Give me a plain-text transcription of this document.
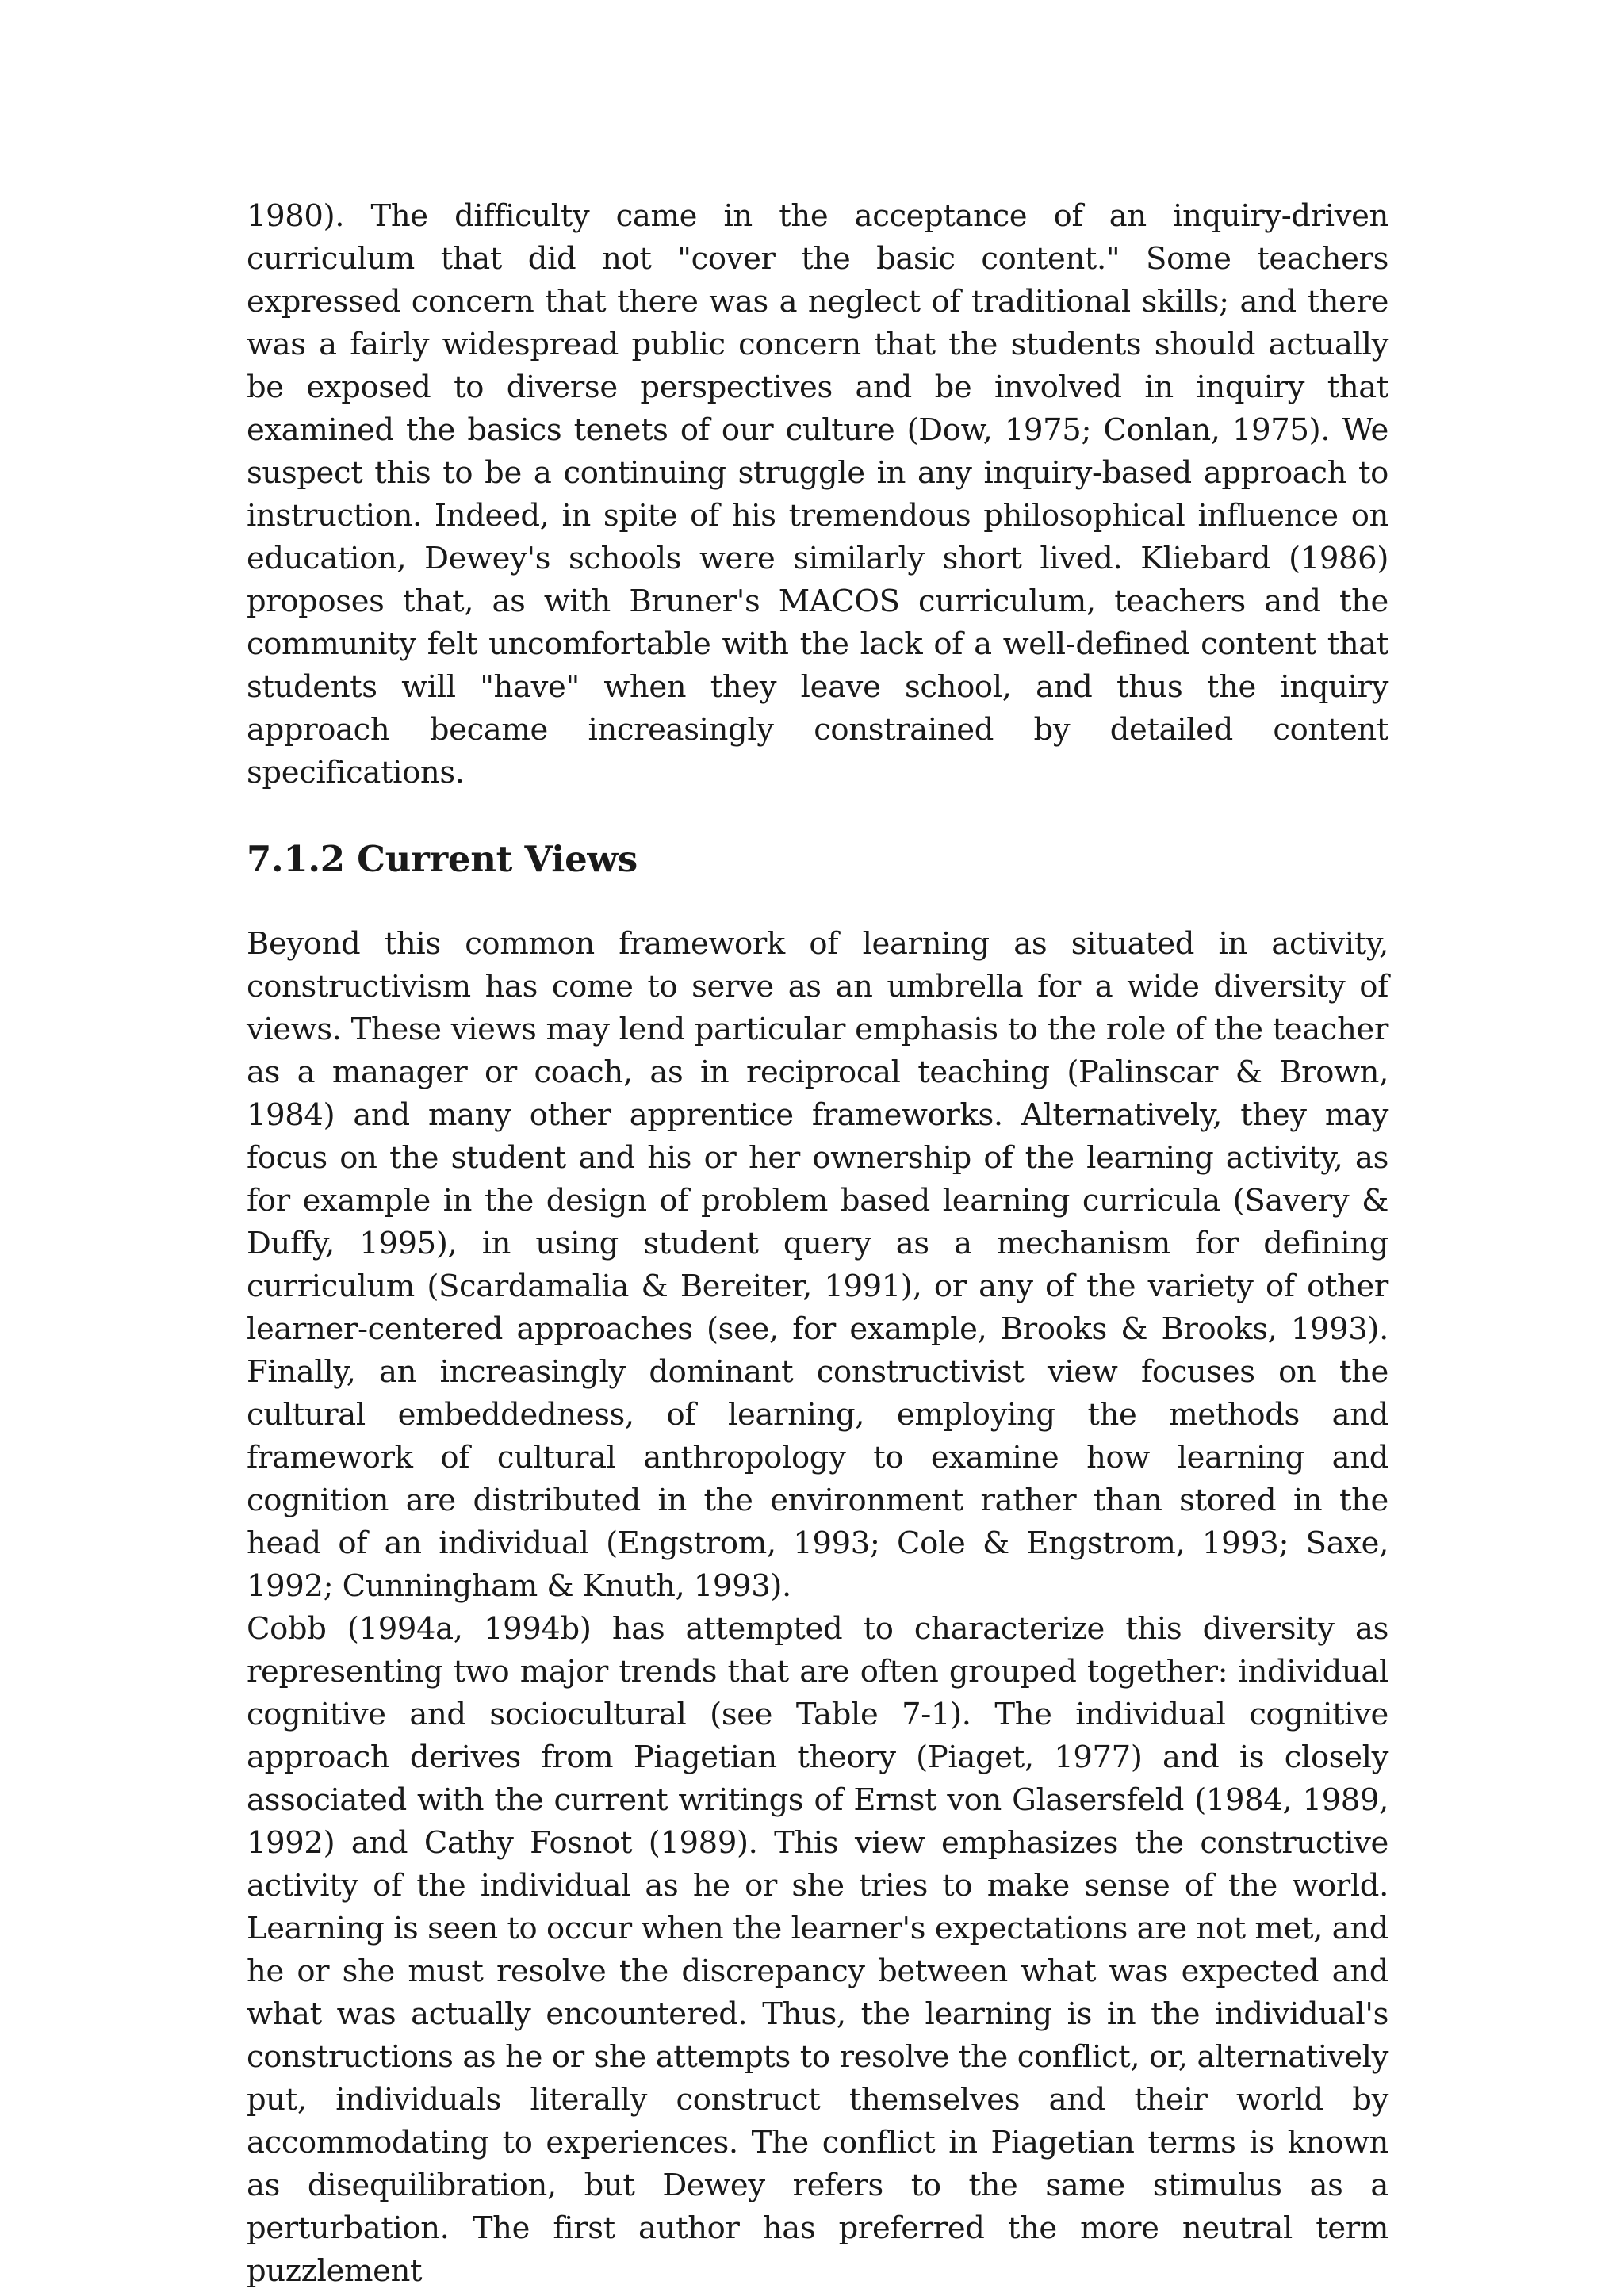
1980). The difficulty came in the acceptance of an inquiry-driven curriculum that did not "cover the basic content." Some teachers expressed concern that there was a neglect of traditional skills; and there was a fairly widespread public concern that the students should actually be exposed to diverse perspectives and be involved in inquiry that examined the basics tenets of our culture (Dow, 1975; Conlan, 1975). We suspect this to be a continuing struggle in any inquiry-based approach to instruction. Indeed, in spite of his tremendous philosophical influence on education, Dewey's schools were similarly short lived. Kliebard (1986) proposes that, as with Bruner's MACOS curriculum, teachers and the community felt uncomfortable with the lack of a well-defined content that students will "have" when they leave school, and thus the inquiry approach became increasingly constrained by detailed content specifications.

7.1.2 Current Views

Beyond this common framework of learning as situated in activity, constructivism has come to serve as an umbrella for a wide diversity of views. These views may lend particular emphasis to the role of the teacher as a manager or coach, as in reciprocal teaching (Palinscar & Brown, 1984) and many other apprentice frameworks. Alternatively, they may focus on the student and his or her ownership of the learning activity, as for example in the design of problem based learning curricula (Savery & Duffy, 1995), in using student query as a mechanism for defining curriculum (Scardamalia & Bereiter, 1991), or any of the variety of other learner-centered approaches (see, for example, Brooks & Brooks, 1993). Finally, an increasingly dominant constructivist view focuses on the cultural embeddedness, of learning, employing the methods and framework of cultural anthropology to examine how learning and cognition are distributed in the environment rather than stored in the head of an individual (Engstrom, 1993; Cole & Engstrom, 1993; Saxe, 1992; Cunningham & Knuth, 1993).

Cobb (1994a, 1994b) has attempted to characterize this diversity as representing two major trends that are often grouped together: individual cognitive and sociocultural (see Table 7-1). The individual cognitive approach derives from Piagetian theory (Piaget, 1977) and is closely associated with the current writings of Ernst von Glasersfeld (1984, 1989, 1992) and Cathy Fosnot (1989). This view emphasizes the constructive activity of the individual as he or she tries to make sense of the world. Learning is seen to occur when the learner's expectations are not met, and he or she must resolve the discrepancy between what was expected and what was actually encountered. Thus, the learning is in the individual's constructions as he or she attempts to resolve the conflict, or, alternatively put, individuals literally construct themselves and their world by accommodating to experiences. The conflict in Piagetian terms is known as disequilibration, but Dewey refers to the same stimulus as a perturbation. The first author has preferred the more neutral term puzzlement
